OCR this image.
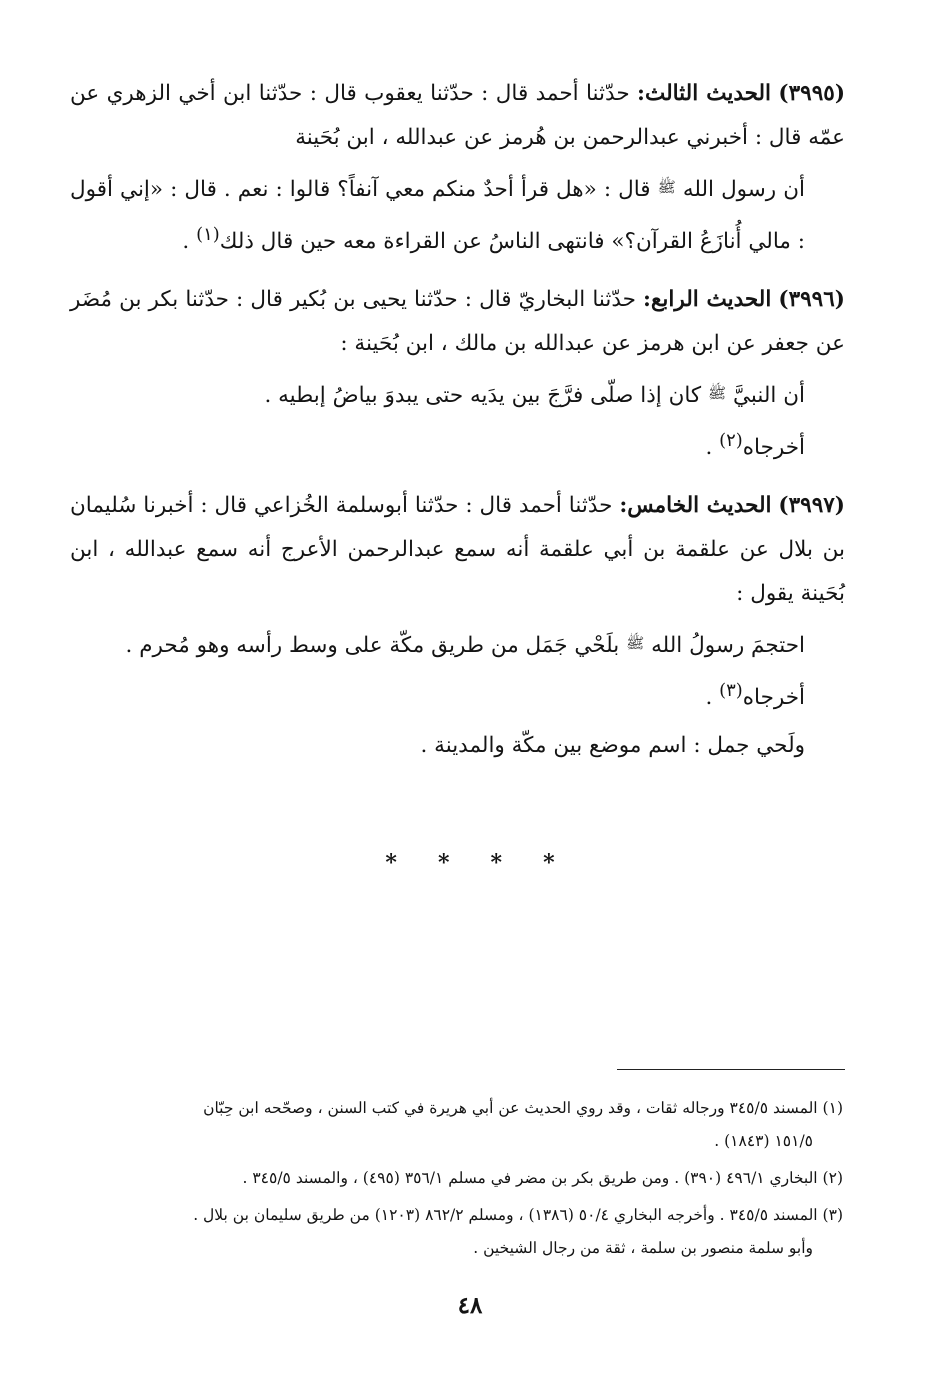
(٣٩٩٥) الحديث الثالث: حدّثنا أحمد قال : حدّثنا يعقوب قال : حدّثنا ابن أخي الزهري عن عمّه قال : أخبرني عبدالرحمن بن هُرمز عن عبدالله ، ابن بُحَينة

أن رسول الله ﷺ قال : «هل قرأ أحدٌ منكم معي آنفاً؟ قالوا : نعم . قال : «إني أقول : مالي أُنازَعُ القرآن؟» فانتهى الناسُ عن القراءة معه حين قال ذلك$^{(١)}$ .

(٣٩٩٦) الحديث الرابع: حدّثنا البخاريّ قال : حدّثنا يحيى بن بُكير قال : حدّثنا بكر بن مُضَر عن جعفر عن ابن هرمز عن عبدالله بن مالك ، ابن بُحَينة :

أن النبيَّ ﷺ كان إذا صلّى فرَّجَ بين يدَيه حتى يبدوَ بياضُ إبطيه .
أخرجاه$^{(٢)}$ .

(٣٩٩٧) الحديث الخامس: حدّثنا أحمد قال : حدّثنا أبوسلمة الخُزاعي قال : أخبرنا سُليمان بن بلال عن علقمة بن أبي علقمة أنه سمع عبدالرحمن الأعرج أنه سمع عبدالله ، ابن بُحَينة يقول :

احتجمَ رسولُ الله ﷺ بلَحْي جَمَل من طريق مكّة على وسط رأسه وهو مُحرم .
أخرجاه$^{(٣)}$ .

ولَحي جمل : اسم موضع بين مكّة والمدينة .

* * * *

(١) المسند ٣٤٥/٥ ورجاله ثقات ، وقد روي الحديث عن أبي هريرة في كتب السنن ، وصحّحه ابن حِبّان
١٥١/٥ (١٨٤٣) .

(٢) البخاري ٤٩٦/١ (٣٩٠) . ومن طريق بكر بن مضر في مسلم ٣٥٦/١ (٤٩٥) ، والمسند ٣٤٥/٥ .

(٣) المسند ٣٤٥/٥ . وأخرجه البخاري ٥٠/٤ (١٣٨٦) ، ومسلم ٨٦٢/٢ (١٢٠٣) من طريق سليمان بن بلال .
وأبو سلمة منصور بن سلمة ، ثقة من رجال الشيخين .

٤٨
